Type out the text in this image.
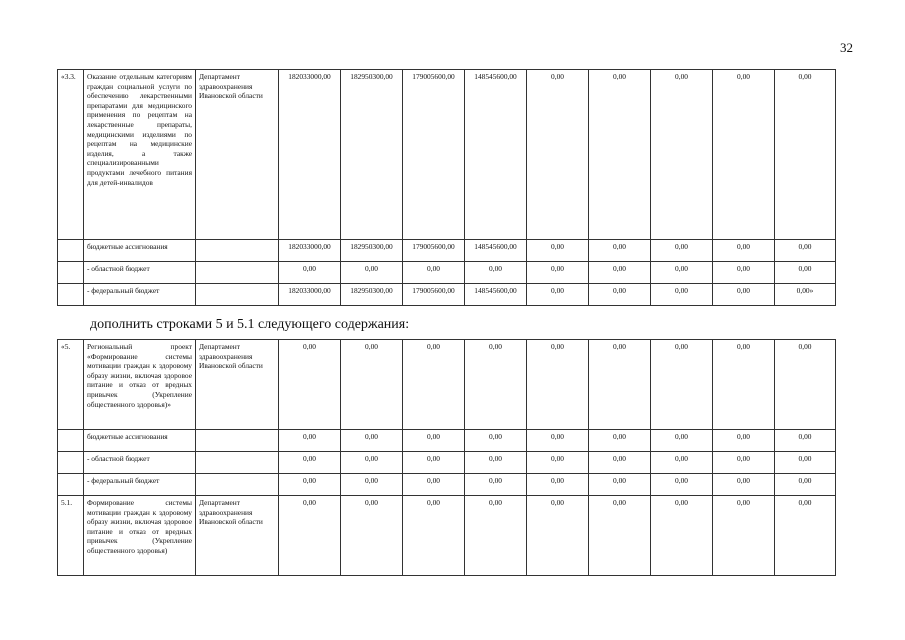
32
«3.3.	Оказание отдельным категориям граждан социальной услуги по обеспечению лекарственными препаратами для медицинского применения по рецептам на лекарственные препараты, медицинскими изделиями по рецептам на медицинские изделия, а также специализированными продуктами лечебного питания для детей-инвалидов	Департамент здравоохранения Ивановской области	182033000,00	182950300,00	179005600,00	148545600,00	0,00	0,00	0,00	0,00	0,00
	бюджетные ассигнования		182033000,00	182950300,00	179005600,00	148545600,00	0,00	0,00	0,00	0,00	0,00
	- областной бюджет		0,00	0,00	0,00	0,00	0,00	0,00	0,00	0,00	0,00
	- федеральный бюджет		182033000,00	182950300,00	179005600,00	148545600,00	0,00	0,00	0,00	0,00	0,00»
дополнить строками 5 и 5.1 следующего содержания:
«5.	Региональный проект «Формирование системы мотивации граждан к здоровому образу жизни, включая здоровое питание и отказ от вредных привычек (Укрепление общественного здоровья)»	Департамент здравоохранения Ивановской области	0,00	0,00	0,00	0,00	0,00	0,00	0,00	0,00	0,00
	бюджетные ассигнования		0,00	0,00	0,00	0,00	0,00	0,00	0,00	0,00	0,00
	- областной бюджет		0,00	0,00	0,00	0,00	0,00	0,00	0,00	0,00	0,00
	- федеральный бюджет		0,00	0,00	0,00	0,00	0,00	0,00	0,00	0,00	0,00
5.1.	Формирование системы мотивации граждан к здоровому образу жизни, включая здоровое питание и отказ от вредных привычек (Укрепление общественного здоровья)	Департамент здравоохранения Ивановской области	0,00	0,00	0,00	0,00	0,00	0,00	0,00	0,00	0,00
